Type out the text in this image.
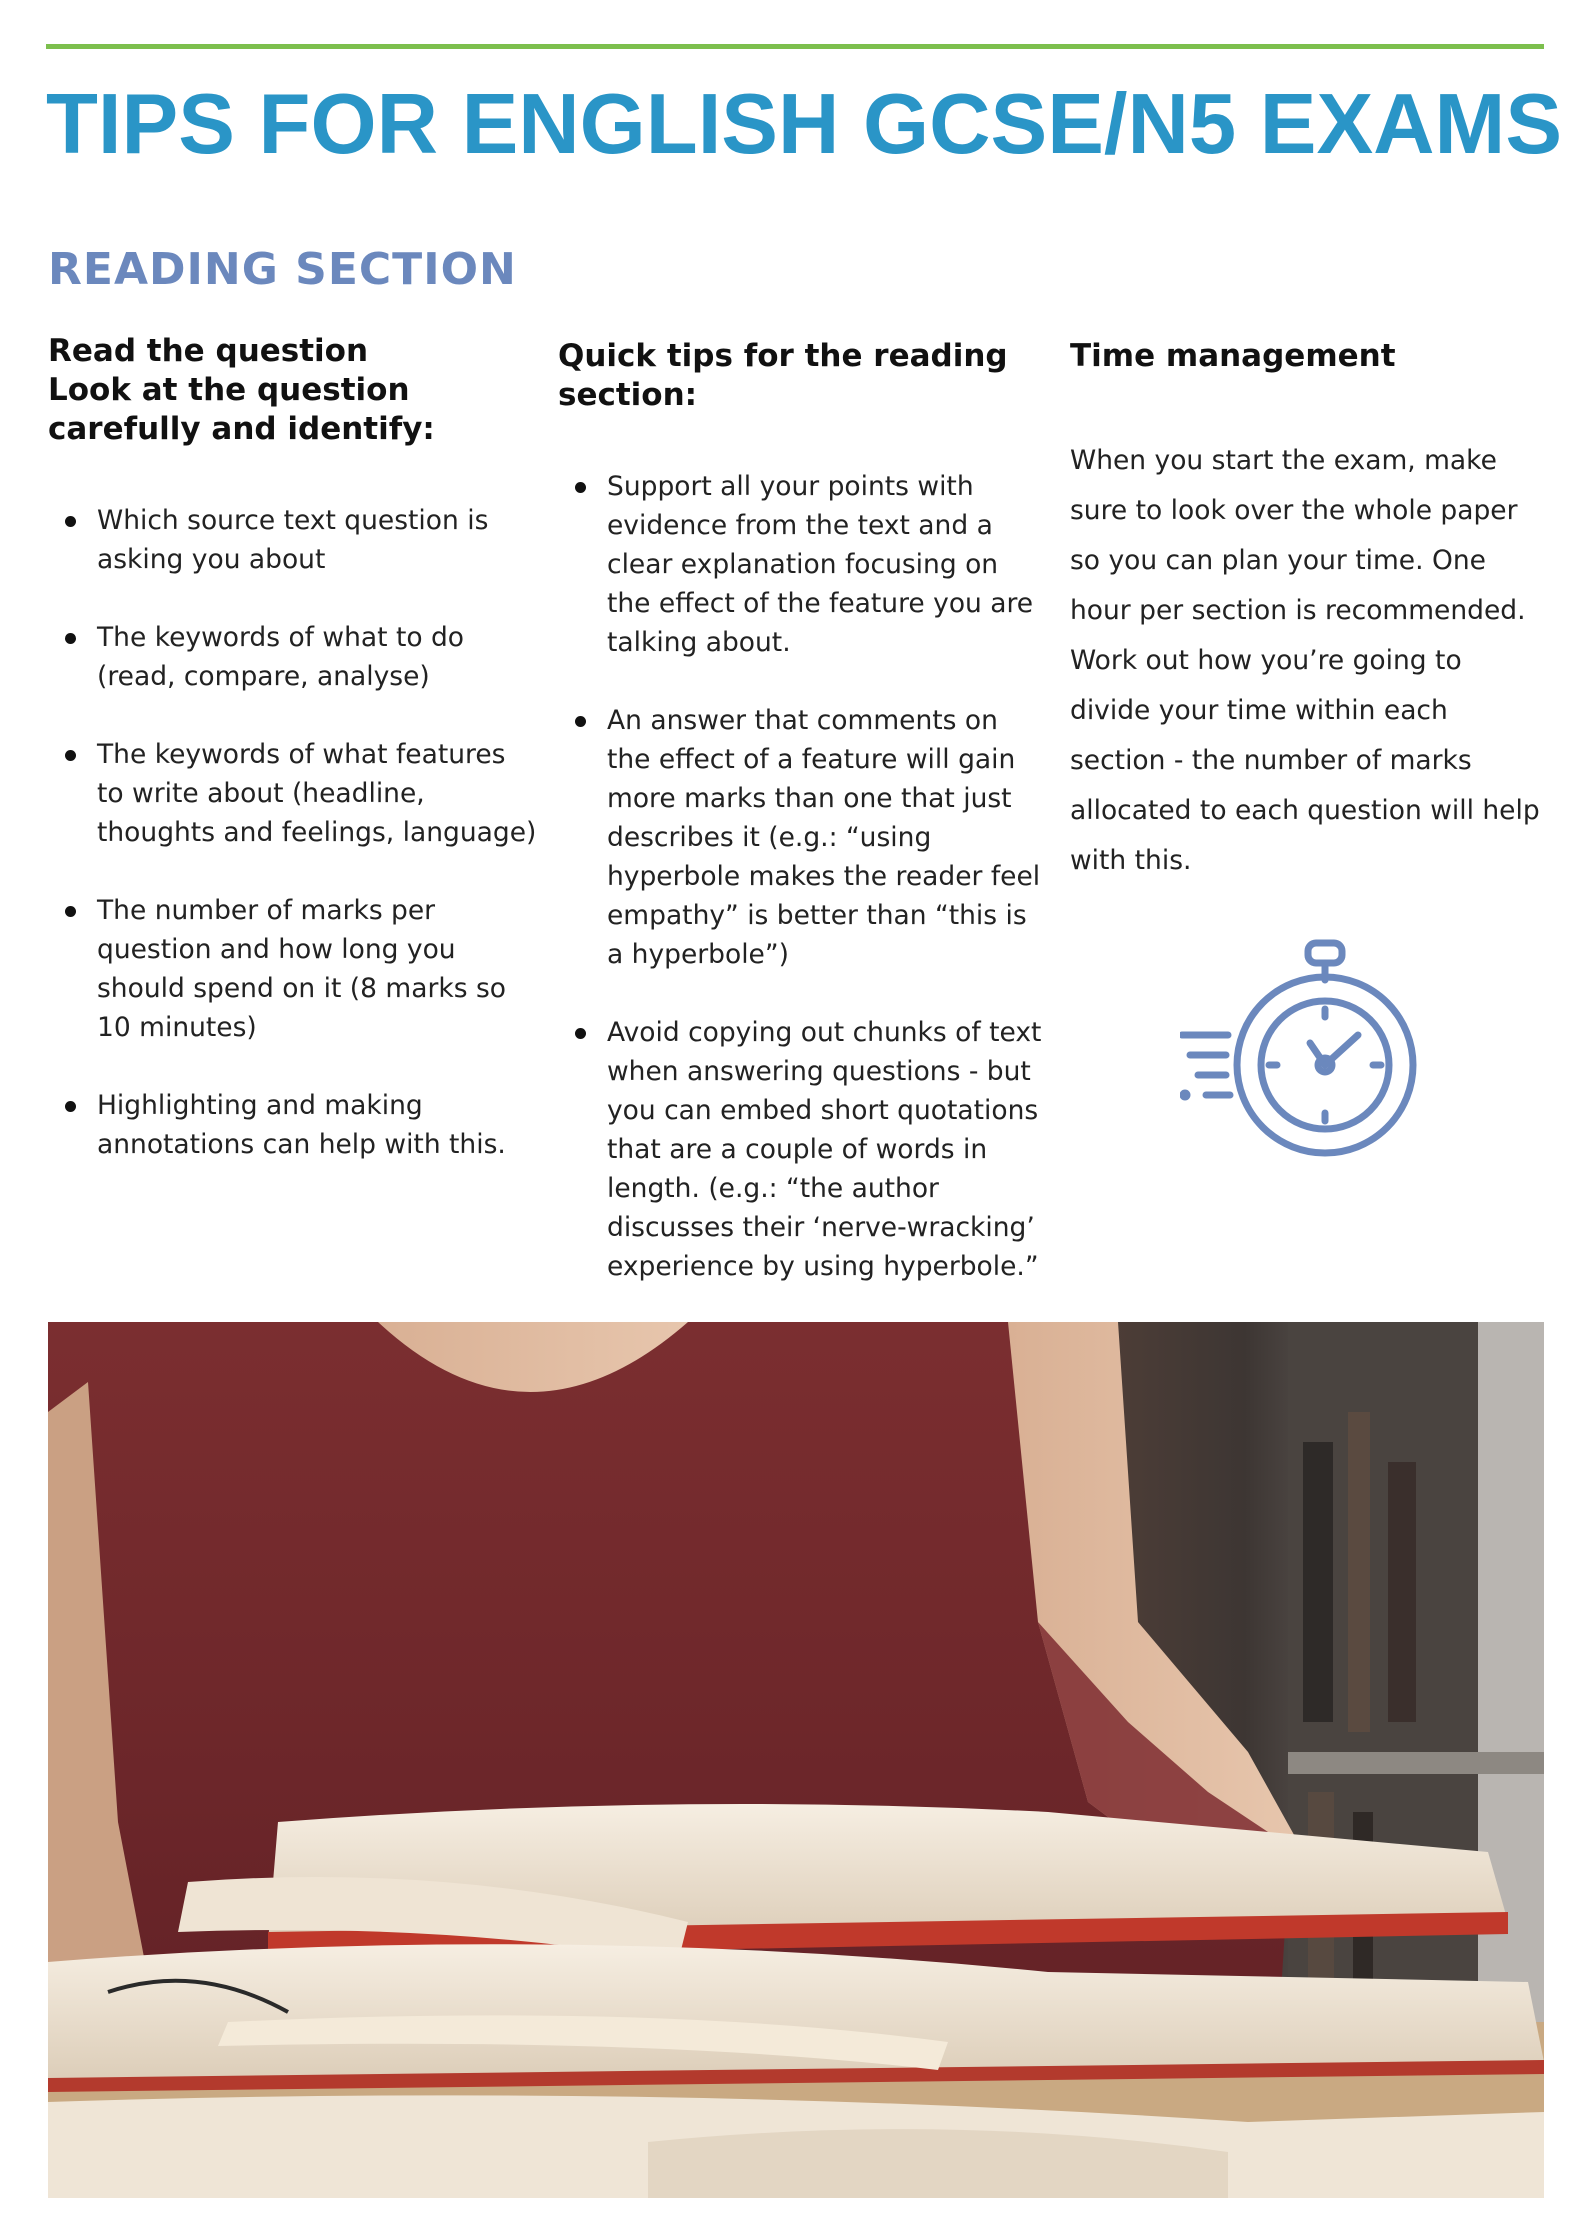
TIPS FOR ENGLISH GCSE/N5 EXAMS
READING SECTION
Read the question
Look at the question carefully and identify:
Which source text question is asking you about
The keywords of what to do (read, compare, analyse)
The keywords of what features to write about (headline, thoughts and feelings, language)
The number of marks per question and how long you should spend on it (8 marks so 10 minutes)
Highlighting and making annotations can help with this.
Quick tips for the reading section:
Support all your points with evidence from the text and a clear explanation focusing on the effect of the feature you are talking about.
An answer that comments on the effect of a feature will gain more marks than one that just describes it (e.g.: “using hyperbole makes the reader feel empathy” is better than “this is a hyperbole”)
Avoid copying out chunks of text when answering questions - but you can embed short quotations that are a couple of words in length. (e.g.: “the author discusses their ‘nerve-wracking’ experience by using hyperbole.”
Time management

When you start the exam, make sure to look over the whole paper so you can plan your time. One hour per section is recommended. Work out how you’re going to divide your time within each section - the number of marks allocated to each question will help with this.
